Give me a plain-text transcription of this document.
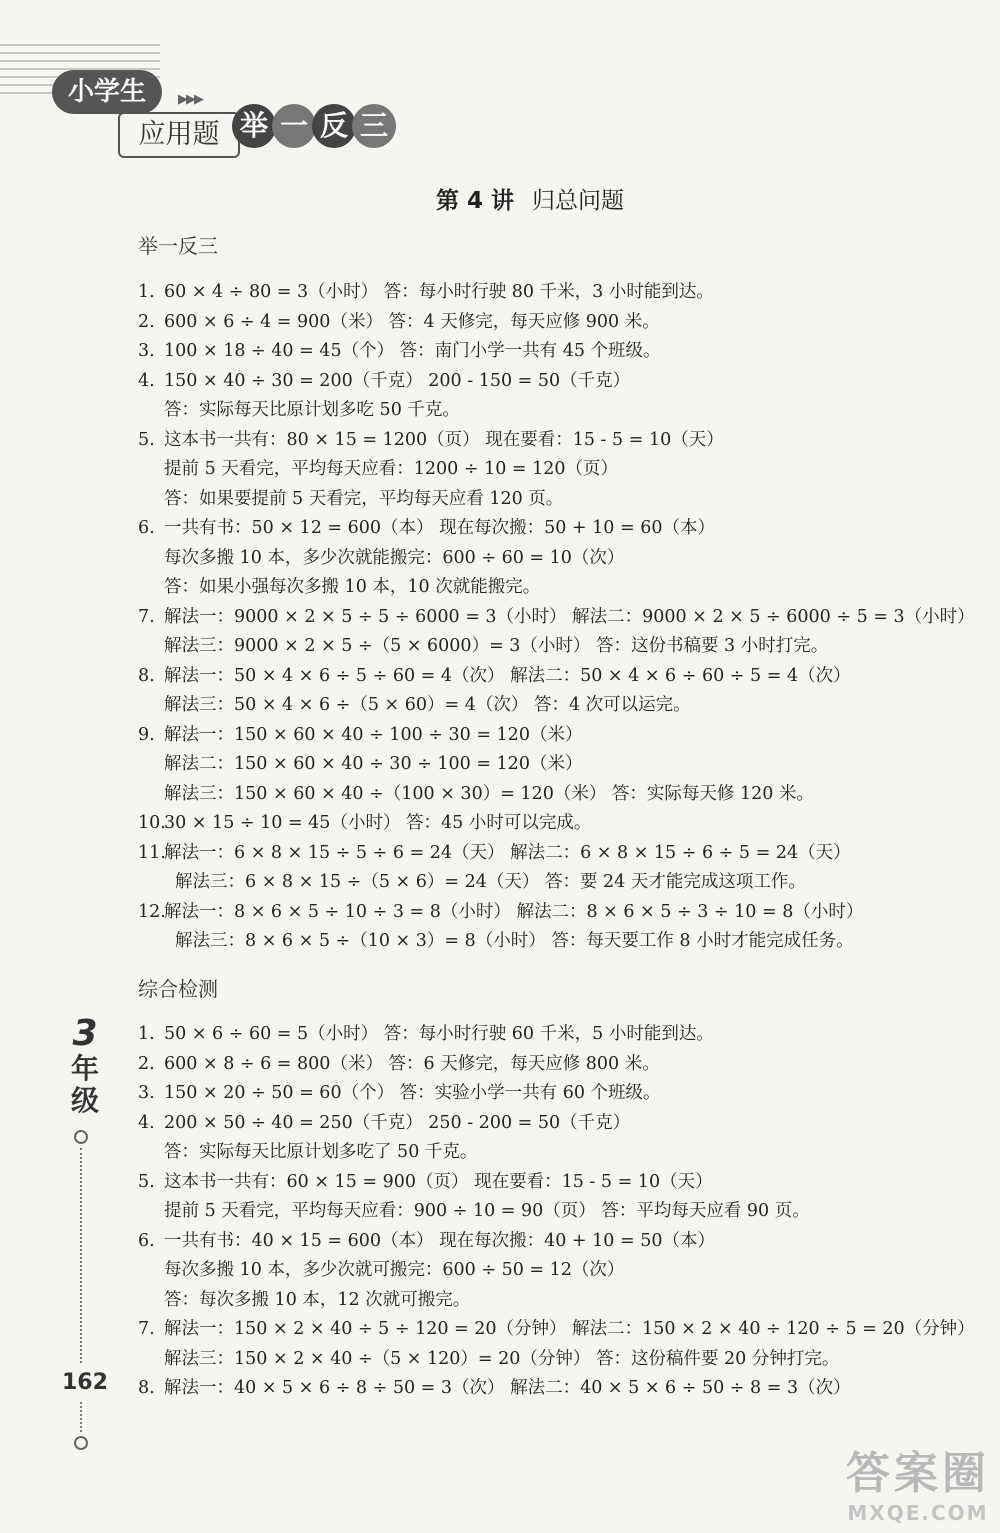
小学生	▶▶▶
应用题 举 一 反 三
第 4 讲 归总问题
举一反三
1. 60 × 4 ÷ 80 = 3（小时） 答：每小时行驶 80 千米，3 小时能到达。
2. 600 × 6 ÷ 4 = 900（米） 答：4 天修完，每天应修 900 米。
3. 100 × 18 ÷ 40 = 45（个） 答：南门小学一共有 45 个班级。
4. 150 × 40 ÷ 30 = 200（千克） 200 - 150 = 50（千克）
答：实际每天比原计划多吃 50 千克。
5. 这本书一共有：80 × 15 = 1200（页） 现在要看：15 - 5 = 10（天）
提前 5 天看完，平均每天应看：1200 ÷ 10 = 120（页）
答：如果要提前 5 天看完，平均每天应看 120 页。
6. 一共有书：50 × 12 = 600（本） 现在每次搬：50 + 10 = 60（本）
每次多搬 10 本，多少次就能搬完：600 ÷ 60 = 10（次）
答：如果小强每次多搬 10 本，10 次就能搬完。
7. 解法一：9000 × 2 × 5 ÷ 5 ÷ 6000 = 3（小时） 解法二：9000 × 2 × 5 ÷ 6000 ÷ 5 = 3（小时）
解法三：9000 × 2 × 5 ÷（5 × 6000）= 3（小时） 答：这份书稿要 3 小时打完。
8. 解法一：50 × 4 × 6 ÷ 5 ÷ 60 = 4（次） 解法二：50 × 4 × 6 ÷ 60 ÷ 5 = 4（次）
解法三：50 × 4 × 6 ÷（5 × 60）= 4（次） 答：4 次可以运完。
9. 解法一：150 × 60 × 40 ÷ 100 ÷ 30 = 120（米）
解法二：150 × 60 × 40 ÷ 30 ÷ 100 = 120（米）
解法三：150 × 60 × 40 ÷（100 × 30）= 120（米） 答：实际每天修 120 米。
10.30 × 15 ÷ 10 = 45（小时） 答：45 小时可以完成。
11.解法一：6 × 8 × 15 ÷ 5 ÷ 6 = 24（天） 解法二：6 × 8 × 15 ÷ 6 ÷ 5 = 24（天）
解法三：6 × 8 × 15 ÷（5 × 6）= 24（天） 答：要 24 天才能完成这项工作。
12.解法一：8 × 6 × 5 ÷ 10 ÷ 3 = 8（小时） 解法二：8 × 6 × 5 ÷ 3 ÷ 10 = 8（小时）
解法三：8 × 6 × 5 ÷（10 × 3）= 8（小时） 答：每天要工作 8 小时才能完成任务。
综合检测
1. 50 × 6 ÷ 60 = 5（小时） 答：每小时行驶 60 千米，5 小时能到达。
2. 600 × 8 ÷ 6 = 800（米） 答：6 天修完，每天应修 800 米。
3. 150 × 20 ÷ 50 = 60（个） 答：实验小学一共有 60 个班级。
4. 200 × 50 ÷ 40 = 250（千克） 250 - 200 = 50（千克）
答：实际每天比原计划多吃了 50 千克。
5. 这本书一共有：60 × 15 = 900（页） 现在要看：15 - 5 = 10（天）
提前 5 天看完，平均每天应看：900 ÷ 10 = 90（页） 答：平均每天应看 90 页。
6. 一共有书：40 × 15 = 600（本） 现在每次搬：40 + 10 = 50（本）
每次多搬 10 本，多少次就可搬完：600 ÷ 50 = 12（次）
答：每次多搬 10 本，12 次就可搬完。
7. 解法一：150 × 2 × 40 ÷ 5 ÷ 120 = 20（分钟） 解法二：150 × 2 × 40 ÷ 120 ÷ 5 = 20（分钟）
解法三：150 × 2 × 40 ÷（5 × 120）= 20（分钟） 答：这份稿件要 20 分钟打完。
8. 解法一：40 × 5 × 6 ÷ 8 ÷ 50 = 3（次） 解法二：40 × 5 × 6 ÷ 50 ÷ 8 = 3（次）
3
年
级
162
答案圈
MXQE.COM
